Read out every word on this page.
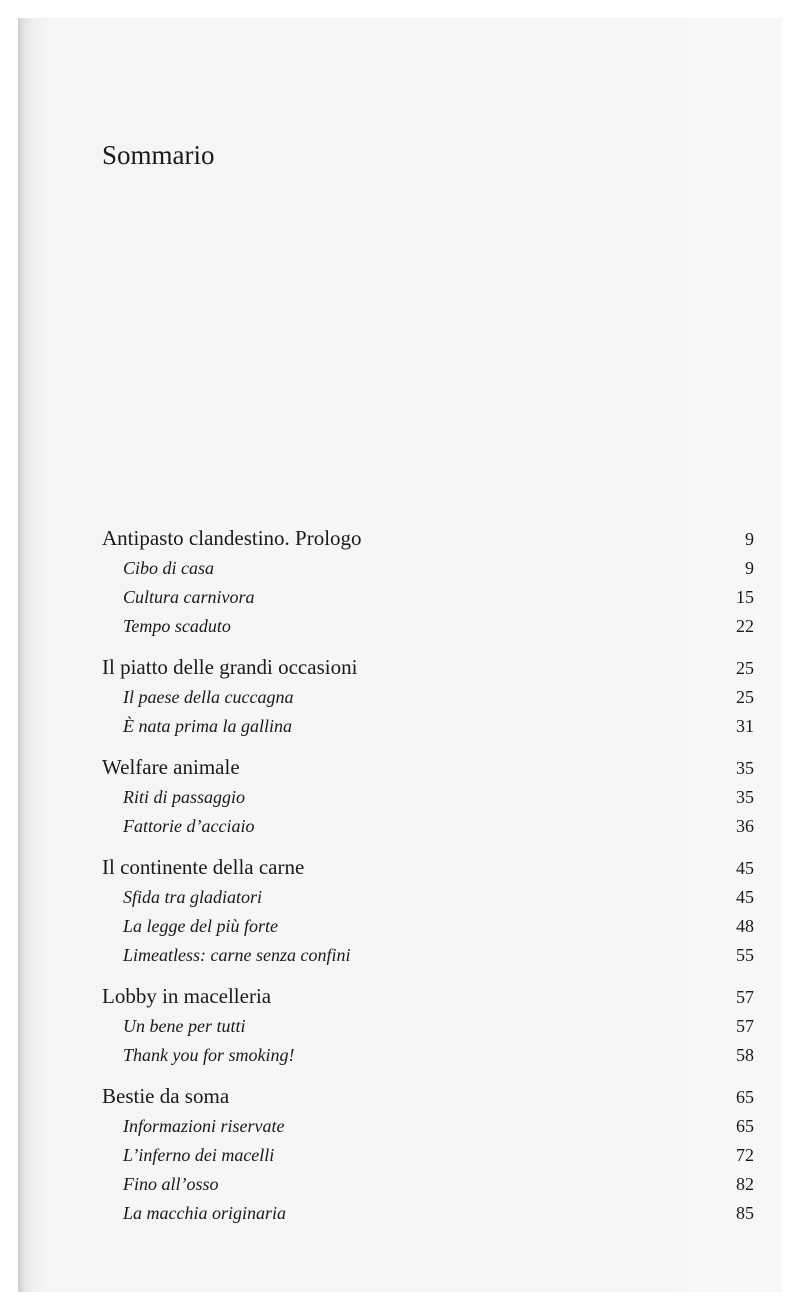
Sommario
Antipasto clandestino. Prologo	9
Cibo di casa	9
Cultura carnivora	15
Tempo scaduto	22
Il piatto delle grandi occasioni	25
Il paese della cuccagna	25
È nata prima la gallina	31
Welfare animale	35
Riti di passaggio	35
Fattorie d’acciaio	36
Il continente della carne	45
Sfida tra gladiatori	45
La legge del più forte	48
Limeatless: carne senza confini	55
Lobby in macelleria	57
Un bene per tutti	57
Thank you for smoking!	58
Bestie da soma	65
Informazioni riservate	65
L’inferno dei macelli	72
Fino all’osso	82
La macchia originaria	85
